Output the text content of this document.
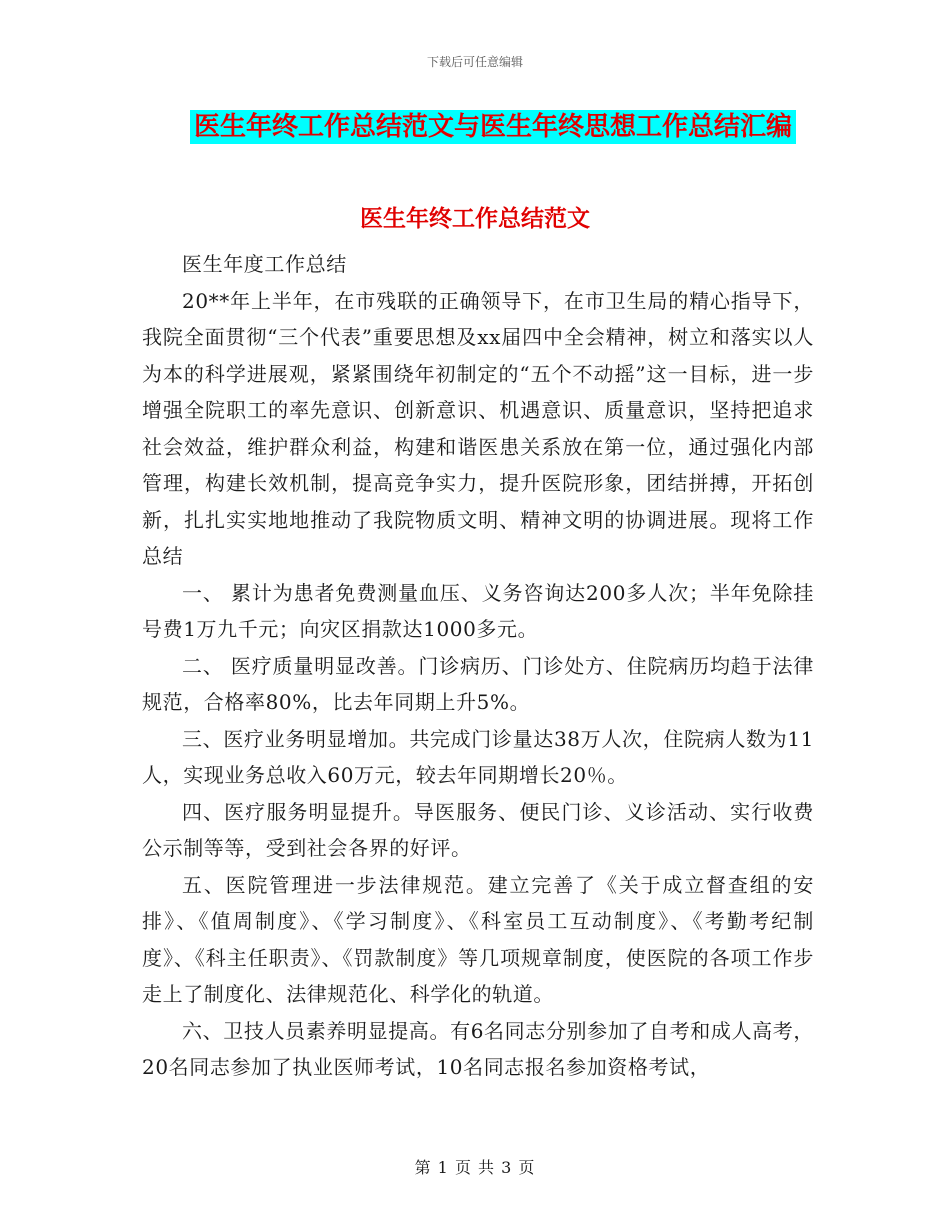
下载后可任意编辑
医生年终工作总结范文与医生年终思想工作总结汇编
医生年终工作总结范文

医生年度工作总结

20**年上半年，在市残联的正确领导下，在市卫生局的精心指导下，我院全面贯彻“三个代表”重要思想及xx届四中全会精神，树立和落实以人为本的科学进展观，紧紧围绕年初制定的“五个不动摇”这一目标，进一步增强全院职工的率先意识、创新意识、机遇意识、质量意识，坚持把追求社会效益，维护群众利益，构建和谐医患关系放在第一位，通过强化内部管理，构建长效机制，提高竞争实力，提升医院形象，团结拼搏，开拓创新，扎扎实实地地推动了我院物质文明、精神文明的协调进展。现将工作总结

一、 累计为患者免费测量血压、义务咨询达200多人次；半年免除挂号费1万九千元；向灾区捐款达1000多元。

二、 医疗质量明显改善。门诊病历、门诊处方、住院病历均趋于法律规范，合格率80%，比去年同期上升5%。

三、医疗业务明显增加。共完成门诊量达38万人次，住院病人数为11人，实现业务总收入60万元，较去年同期增长20％。

四、医疗服务明显提升。导医服务、便民门诊、义诊活动、实行收费公示制等等，受到社会各界的好评。

五、医院管理进一步法律规范。建立完善了《关于成立督查组的安排》、《值周制度》、《学习制度》、《科室员工互动制度》、《考勤考纪制度》、《科主任职责》、《罚款制度》等几项规章制度，使医院的各项工作步走上了制度化、法律规范化、科学化的轨道。

六、卫技人员素养明显提高。有6名同志分别参加了自考和成人高考，20名同志参加了执业医师考试，10名同志报名参加资格考试，

第 1 页 共 3 页
